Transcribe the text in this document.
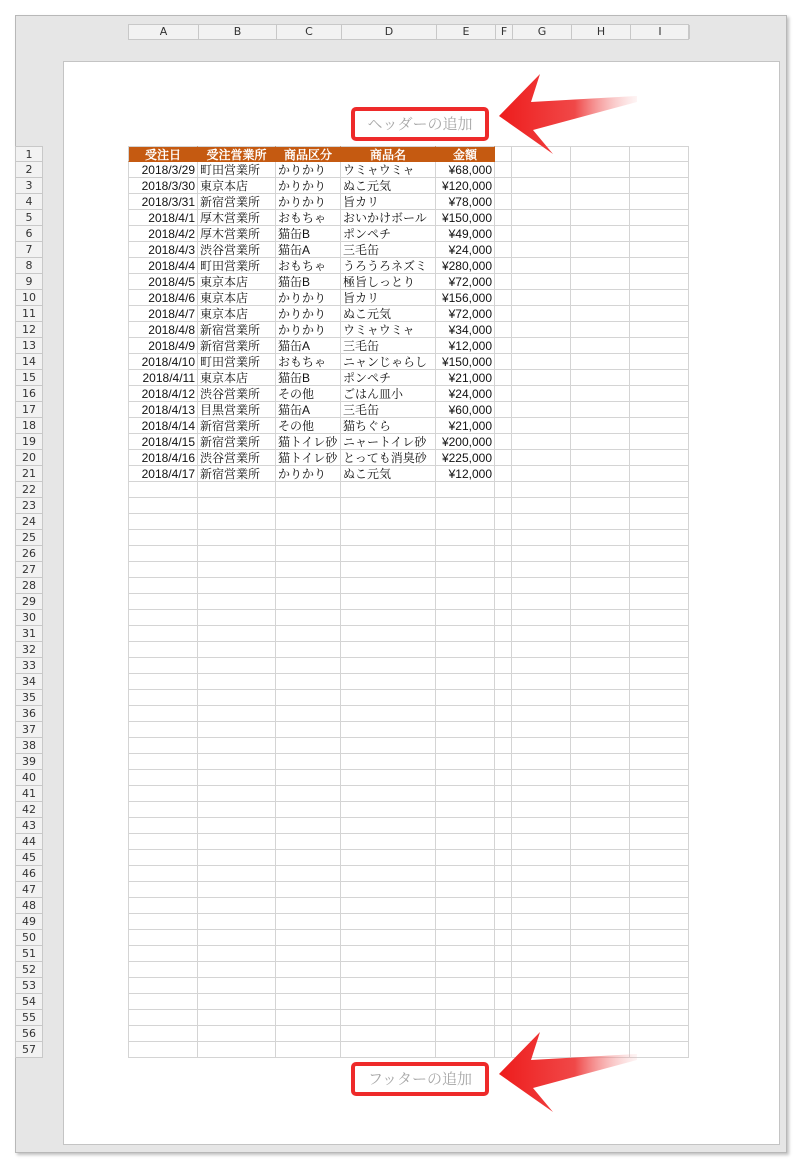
A	B	C	D	E	F	G	H	I
1
2
3
4
5
6
7
8
9
10
11
12
13
14
15
16
17
18
19
20
21
22
23
24
25
26
27
28
29
30
31
32
33
34
35
36
37
38
39
40
41
42
43
44
45
46
47
48
49
50
51
52
53
54
55
56
57
受注日	受注営業所	商品区分	商品名	金額
2018/3/29 町田営業所	かりかり	ウミャウミャ	¥68,000
2018/3/30 東京本店	かりかり	ぬこ元気	¥120,000
2018/3/31 新宿営業所	かりかり	旨カリ	¥78,000
2018/4/1 厚木営業所	おもちゃ	おいかけボール	¥150,000
2018/4/2 厚木営業所	猫缶B	ポンペチ	¥49,000
2018/4/3 渋谷営業所	猫缶A	三毛缶	¥24,000
2018/4/4 町田営業所	おもちゃ	うろうろネズミ	¥280,000
2018/4/5 東京本店	猫缶B	極旨しっとり	¥72,000
2018/4/6 東京本店	かりかり	旨カリ	¥156,000
2018/4/7 東京本店	かりかり	ぬこ元気	¥72,000
2018/4/8 新宿営業所	かりかり	ウミャウミャ	¥34,000
2018/4/9 新宿営業所	猫缶A	三毛缶	¥12,000
2018/4/10 町田営業所	おもちゃ	ニャンじゃらし	¥150,000
2018/4/11 東京本店	猫缶B	ポンペチ	¥21,000
2018/4/12 渋谷営業所	その他	ごはん皿小	¥24,000
2018/4/13 目黒営業所	猫缶A	三毛缶	¥60,000
2018/4/14 新宿営業所	その他	猫ちぐら	¥21,000
2018/4/15 新宿営業所	猫トイレ砂 ニャートイレ砂	¥200,000
2018/4/16 渋谷営業所	猫トイレ砂 とっても消臭砂	¥225,000
2018/4/17 新宿営業所	かりかり	ぬこ元気	¥12,000
ヘッダーの追加
フッターの追加
